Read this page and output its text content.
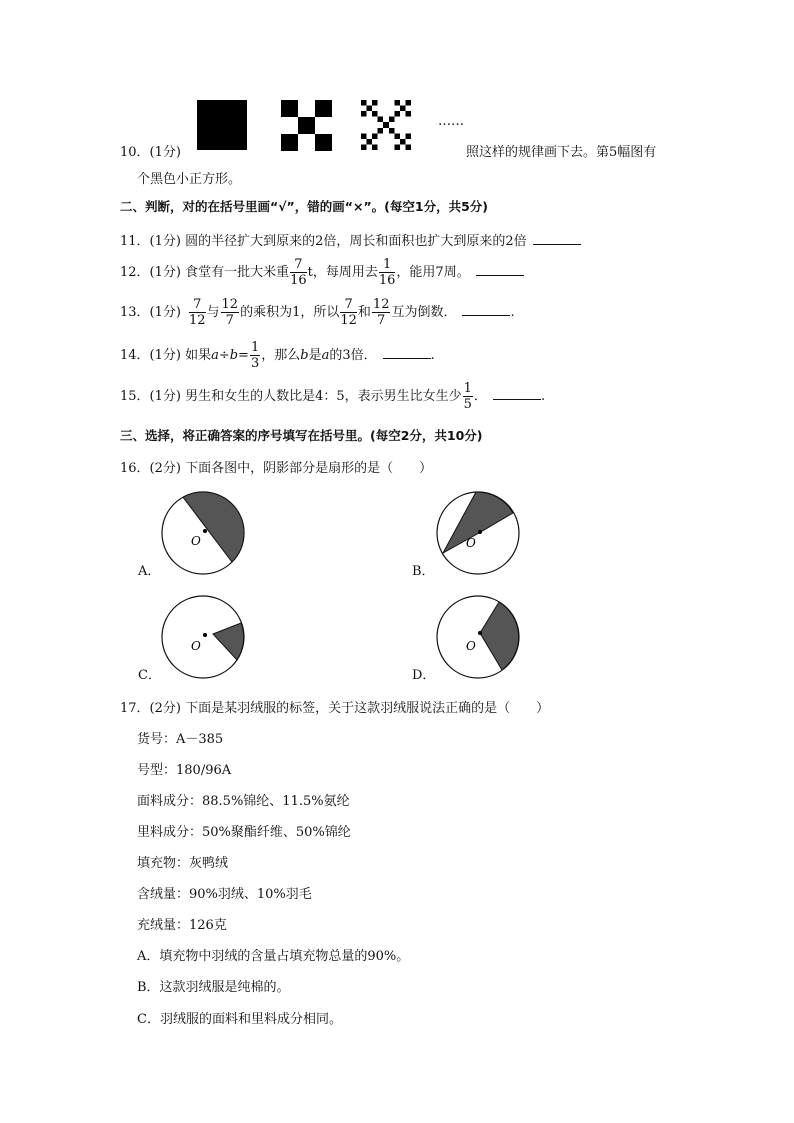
10．(1分)
……
照这样的规律画下去。第5幅图有
个黑色小正方形。
二、判断，对的在括号里画“√”，错的画“×”。(每空1分，共5分)
11．(1分) 圆的半径扩大到原来的2倍，周长和面积也扩大到原来的2倍
12．(1分) 食堂有一批大米重 $\frac{7}{16}$ t，每周用去 $\frac{1}{16}$ ，能用7周。
13．(1分) $\frac{7}{12}$ 与 $\frac{12}{7}$ 的乘积为1，所以 $\frac{7}{12}$ 和 $\frac{12}{7}$ 互为倒数．	.
14．(1分) 如果$a\div b= \frac{1}{3}$ ，那么b是a的3倍．	.
15．(1分) 男生和女生的人数比是4：5，表示男生比女生少 $\frac{1}{5}$ ．	.
三、选择，将正确答案的序号填写在括号里。(每空2分，共10分)
16．(2分) 下面各图中，阴影部分是扇形的是（　　）
O
A．
O
B．
O
C．
O
D．
17．(2分) 下面是某羽绒服的标签，关于这款羽绒服说法正确的是（　　）
货号：A－385
号型：180/96A
面料成分：88.5%锦纶、11.5%氨纶
里料成分：50%聚酯纤维、50%锦纶
填充物：灰鸭绒
含绒量：90%羽绒、10%羽毛
充绒量：126克
A．填充物中羽绒的含量占填充物总量的90%。
B．这款羽绒服是纯棉的。
C．羽绒服的面料和里料成分相同。
